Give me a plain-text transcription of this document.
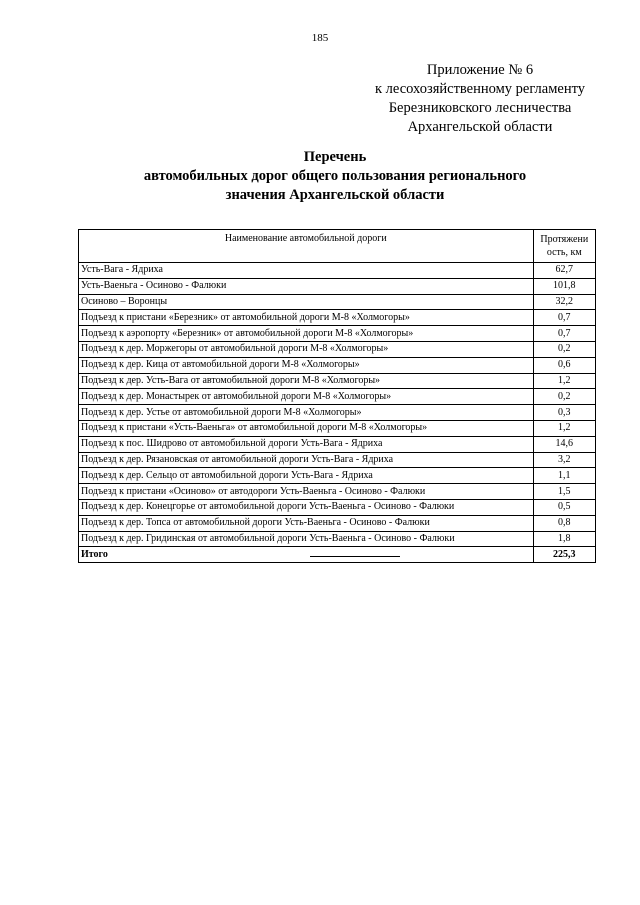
185
Приложение № 6
к лесохозяйственному регламенту
Березниковского лесничества
Архангельской области
Перечень
автомобильных дорог общего пользования регионального
значения Архангельской области
Наименование автомобильной дороги	Протяжени
ость, км
Усть-Вага - Ядриха	62,7
Усть-Ваеньга - Осиново - Фалюки	101,8
Осиново – Воронцы	32,2
Подъезд к пристани «Березник» от автомобильной дороги М-8 «Холмогоры»	0,7
Подъезд к аэропорту «Березник» от автомобильной дороги М-8 «Холмогоры»	0,7
Подъезд к дер. Моржегоры от автомобильной дороги М-8 «Холмогоры»	0,2
Подъезд к дер. Кица от автомобильной дороги М-8 «Холмогоры»	0,6
Подъезд к дер. Усть-Вага от автомобильной дороги М-8 «Холмогоры»	1,2
Подъезд к дер. Монастырек от автомобильной дороги М-8 «Холмогоры»	0,2
Подъезд к дер. Устье от автомобильной дороги М-8 «Холмогоры»	0,3
Подъезд к пристани «Усть-Ваеньга» от автомобильной дороги М-8 «Холмогоры»	1,2
Подъезд к пос. Шидрово от автомобильной дороги Усть-Вага - Ядриха	14,6
Подъезд к дер. Рязановская от автомобильной дороги Усть-Вага - Ядриха	3,2
Подъезд к дер. Сельцо от автомобильной дороги Усть-Вага - Ядриха	1,1
Подъезд к пристани «Осиново» от автодороги Усть-Ваеньга - Осиново - Фалюки	1,5
Подъезд к дер. Конецгорье от автомобильной дороги Усть-Ваеньга - Осиново - Фалюки	0,5
Подъезд к дер. Топса от автомобильной дороги Усть-Ваеньга - Осиново - Фалюки	0,8
Подъезд к дер. Гридинская от автомобильной дороги Усть-Ваеньга - Осиново - Фалюки	1,8
Итого	225,3
